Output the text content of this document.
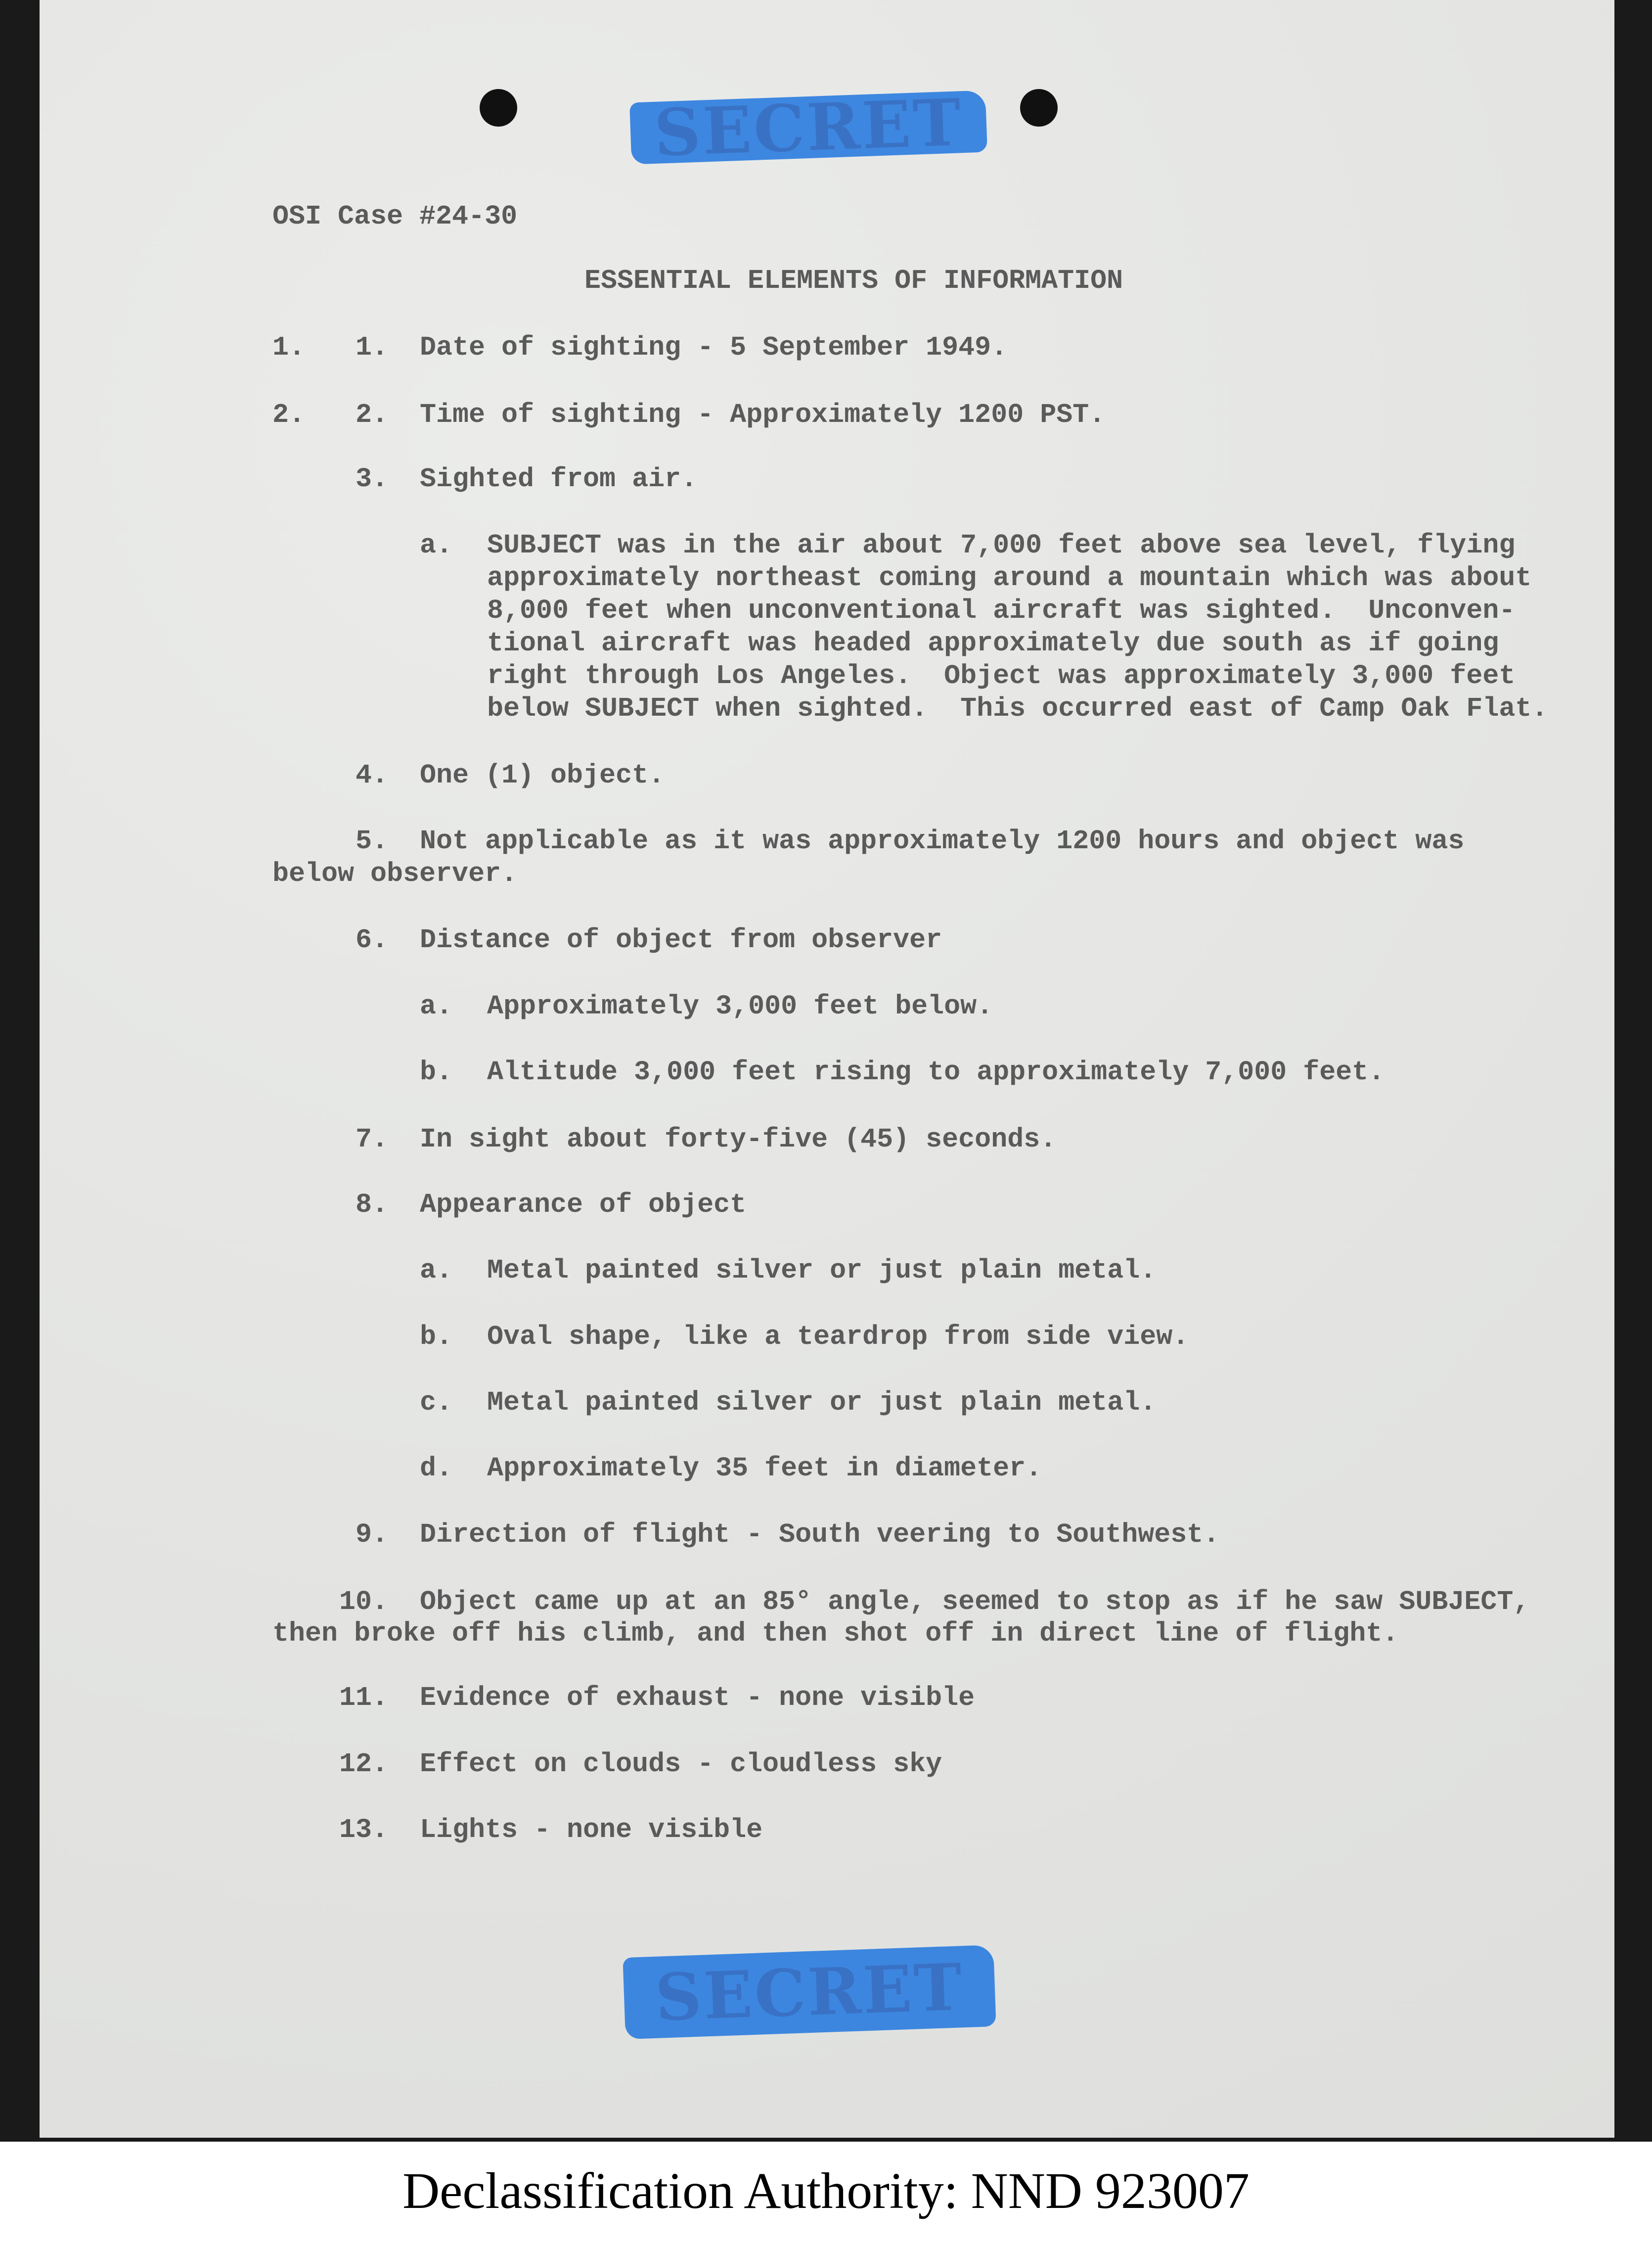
SECRET
OSI Case #24-30
ESSENTIAL ELEMENTS OF INFORMATION
1. 1. Date of sighting - 5 September 1949.
2. 2. Time of sighting - Approximately 1200 PST.
3. Sighted from air.
a. SUBJECT was in the air about 7,000 feet above sea level, flying
approximately northeast coming around a mountain which was about
8,000 feet when unconventional aircraft was sighted.  Unconven-
tional aircraft was headed approximately due south as if going
right through Los Angeles.  Object was approximately 3,000 feet
below SUBJECT when sighted.  This occurred east of Camp Oak Flat.
4. One (1) object.
5. Not applicable as it was approximately 1200 hours and object was
below observer.
6. Distance of object from observer
a. Approximately 3,000 feet below.
b. Altitude 3,000 feet rising to approximately 7,000 feet.
7. In sight about forty-five (45) seconds.
8. Appearance of object
a. Metal painted silver or just plain metal.
b. Oval shape, like a teardrop from side view.
c. Metal painted silver or just plain metal.
d. Approximately 35 feet in diameter.
9. Direction of flight - South veering to Southwest.
10. Object came up at an 85° angle, seemed to stop as if he saw SUBJECT,
then broke off his climb, and then shot off in direct line of flight.
11. Evidence of exhaust - none visible
12. Effect on clouds - cloudless sky
13. Lights - none visible
SECRET
Declassification Authority: NND 923007
